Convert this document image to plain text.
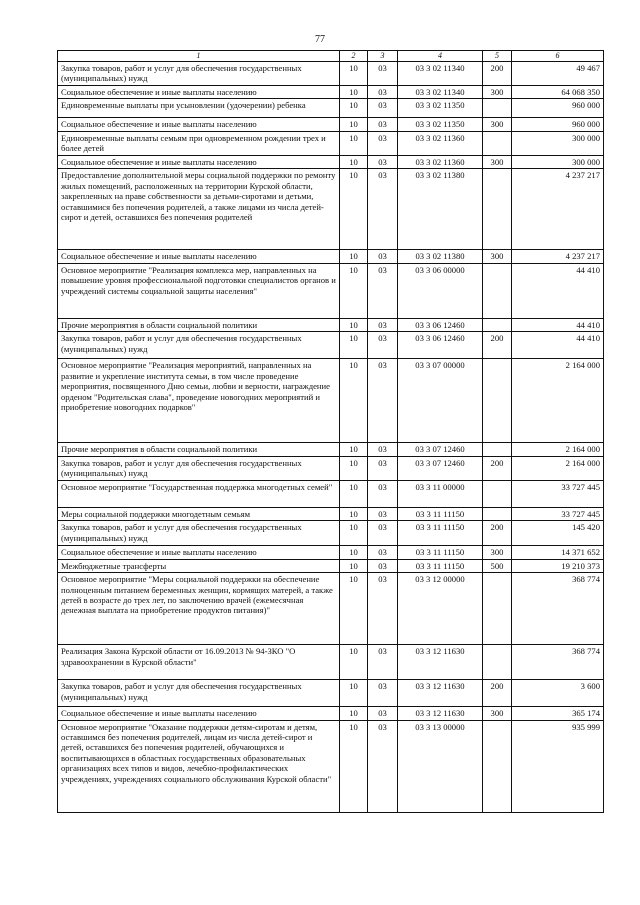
77
1	2	3	4	5	6
Закупка товаров, работ и услуг для обеспечения государственных (муниципальных) нужд	10	03	03 3 02 11340	200	49 467
Социальное обеспечение и иные выплаты населению	10	03	03 3 02 11340	300	64 068 350
Единовременные выплаты при усыновлении (удочерении) ребенка	10	03	03 3 02 11350		960 000
Социальное обеспечение и иные выплаты населению	10	03	03 3 02 11350	300	960 000
Единовременные выплаты семьям при одновременном рождении трех и более детей	10	03	03 3 02 11360		300 000
Социальное обеспечение и иные выплаты населению	10	03	03 3 02 11360	300	300 000
Предоставление дополнительной меры социальной поддержки по ремонту жилых помещений, расположенных на территории Курской области, закрепленных на праве собственности за детьми-сиротами и детьми, оставшимися без попечения родителей, а также лицами из числа детей-сирот и детей, оставшихся без попечения родителей	10	03	03 3 02 11380		4 237 217
Социальное обеспечение и иные выплаты населению	10	03	03 3 02 11380	300	4 237 217
Основное мероприятие "Реализация комплекса мер, направленных на повышение уровня профессиональной подготовки специалистов органов и учреждений системы социальной защиты населения"	10	03	03 3 06 00000		44 410
Прочие мероприятия в области социальной политики	10	03	03 3 06 12460		44 410
Закупка товаров, работ и услуг для обеспечения государственных (муниципальных) нужд	10	03	03 3 06 12460	200	44 410
Основное мероприятие "Реализация мероприятий, направленных на развитие и укрепление института семьи, в том числе проведение мероприятия, посвященного Дню семьи, любви и верности, награждение орденом "Родительская слава", проведение новогодних мероприятий и приобретение новогодних подарков"	10	03	03 3 07 00000		2 164 000
Прочие мероприятия в области социальной политики	10	03	03 3 07 12460		2 164 000
Закупка товаров, работ и услуг для обеспечения государственных (муниципальных) нужд	10	03	03 3 07 12460	200	2 164 000
Основное мероприятие "Государственная поддержка многодетных семей"	10	03	03 3 11 00000		33 727 445
Меры социальной поддержки многодетным семьям	10	03	03 3 11 11150		33 727 445
Закупка товаров, работ и услуг для обеспечения государственных (муниципальных) нужд	10	03	03 3 11 11150	200	145 420
Социальное обеспечение и иные выплаты населению	10	03	03 3 11 11150	300	14 371 652
Межбюджетные трансферты	10	03	03 3 11 11150	500	19 210 373
Основное мероприятие "Меры социальной поддержки на обеспечение полноценным питанием беременных женщин, кормящих матерей, а также детей в возрасте до трех лет, по заключению врачей (ежемесячная денежная выплата на приобретение продуктов питания)"	10	03	03 3 12 00000		368 774
Реализация Закона Курской области от 16.09.2013 № 94-ЗКО "О здравоохранении в Курской области"	10	03	03 3 12 11630		368 774
Закупка товаров, работ и услуг для обеспечения государственных (муниципальных) нужд	10	03	03 3 12 11630	200	3 600
Социальное обеспечение и иные выплаты населению	10	03	03 3 12 11630	300	365 174
Основное мероприятие "Оказание поддержки детям-сиротам и детям, оставшимся без попечения родителей, лицам из числа детей-сирот и детей, оставшихся без попечения родителей, обучающихся и воспитывающихся в областных государственных образовательных организациях всех типов и видов, лечебно-профилактических учреждениях, учреждениях социального обслуживания Курской области"	10	03	03 3 13 00000		935 999
